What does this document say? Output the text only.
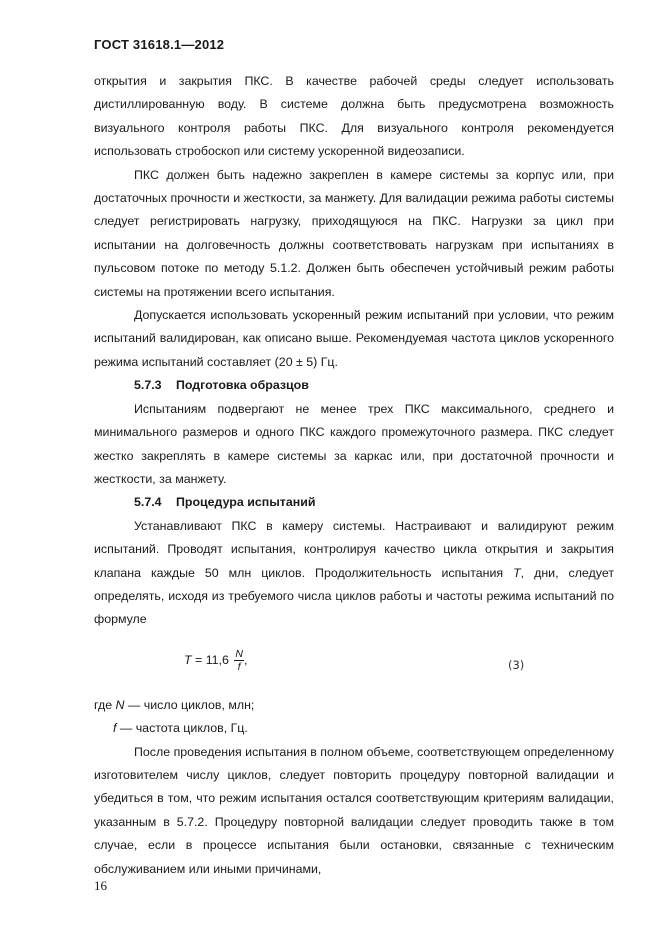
ГОСТ 31618.1—2012

открытия и закрытия ПКС. В качестве рабочей среды следует использовать дистиллированную воду. В системе должна быть предусмотрена возможность визуального контроля работы ПКС. Для визуального контроля рекомендуется использовать стробоскоп или систему ускоренной видеозаписи.

ПКС должен быть надежно закреплен в камере системы за корпус или, при достаточных прочности и жесткости, за манжету. Для валидации режима работы системы следует регистрировать нагрузку, приходящуюся на ПКС. Нагрузки за цикл при испытании на долговечность должны соответствовать нагрузкам при испытаниях в пульсовом потоке по методу 5.1.2. Должен быть обеспечен устойчивый режим работы системы на протяжении всего испытания.

Допускается использовать ускоренный режим испытаний при условии, что режим испытаний валидирован, как описано выше. Рекомендуемая частота циклов ускоренного режима испытаний составляет (20 ± 5) Гц.

5.7.3 Подготовка образцов

Испытаниям подвергают не менее трех ПКС максимального, среднего и минимального размеров и одного ПКС каждого промежуточного размера. ПКС следует жестко закреплять в камере системы за каркас или, при достаточной прочности и жесткости, за манжету.

5.7.4 Процедура испытаний

Устанавливают ПКС в камеру системы. Настраивают и валидируют режим испытаний. Проводят испытания, контролируя качество цикла открытия и закрытия клапана каждые 50 млн циклов. Продолжительность испытания T, дни, следует определять, исходя из требуемого числа циклов работы и частоты режима испытаний по формуле

$T = 11,6 \frac{N}{f}$ ,	(3)
где N — число циклов, млн;
f — частота циклов, Гц.

После проведения испытания в полном объеме, соответствующем определенному изготовителем числу циклов, следует повторить процедуру повторной валидации и убедиться в том, что режим испытания остался соответствующим критериям валидации, указанным в 5.7.2. Процедуру повторной валидации следует проводить также в том случае, если в процессе испытания были остановки, связанные с техническим обслуживанием или иными причинами,

16
